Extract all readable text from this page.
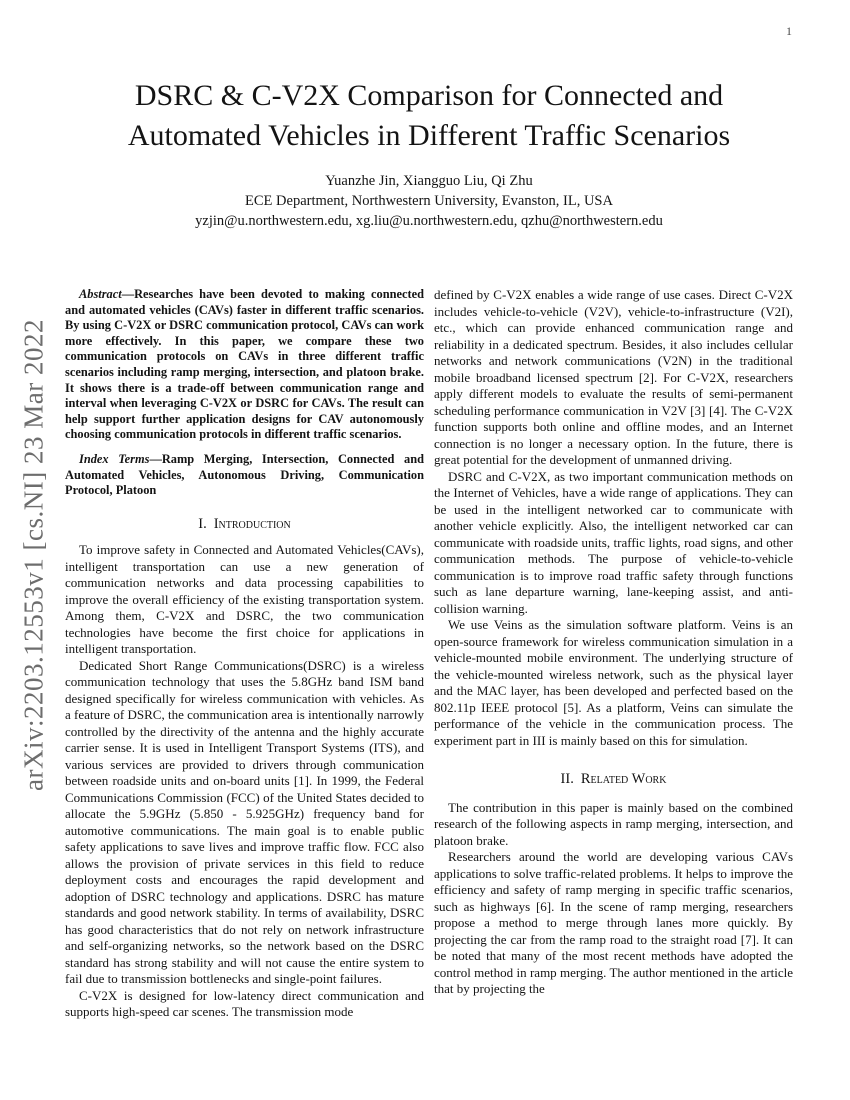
1
arXiv:2203.12553v1 [cs.NI] 23 Mar 2022
DSRC & C-V2X Comparison for Connected and Automated Vehicles in Different Traffic Scenarios
Yuanzhe Jin, Xiangguo Liu, Qi Zhu
ECE Department, Northwestern University, Evanston, IL, USA
yzjin@u.northwestern.edu, xg.liu@u.northwestern.edu, qzhu@northwestern.edu

Abstract—Researches have been devoted to making connected and automated vehicles (CAVs) faster in different traffic scenarios. By using C-V2X or DSRC communication protocol, CAVs can work more effectively. In this paper, we compare these two communication protocols on CAVs in three different traffic scenarios including ramp merging, intersection, and platoon brake. It shows there is a trade-off between communication range and interval when leveraging C-V2X or DSRC for CAVs. The result can help support further application designs for CAV autonomously choosing communication protocols in different traffic scenarios.

Index Terms—Ramp Merging, Intersection, Connected and Automated Vehicles, Autonomous Driving, Communication Protocol, Platoon

I. Introduction

To improve safety in Connected and Automated Vehicles(CAVs), intelligent transportation can use a new generation of communication networks and data processing capabilities to improve the overall efficiency of the existing transportation system. Among them, C-V2X and DSRC, the two communication technologies have become the first choice for applications in intelligent transportation.

Dedicated Short Range Communications(DSRC) is a wireless communication technology that uses the 5.8GHz band ISM band designed specifically for wireless communication with vehicles. As a feature of DSRC, the communication area is intentionally narrowly controlled by the directivity of the antenna and the highly accurate carrier sense. It is used in Intelligent Transport Systems (ITS), and various services are provided to drivers through communication between roadside units and on-board units [1]. In 1999, the Federal Communications Commission (FCC) of the United States decided to allocate the 5.9GHz (5.850 - 5.925GHz) frequency band for automotive communications. The main goal is to enable public safety applications to save lives and improve traffic flow. FCC also allows the provision of private services in this field to reduce deployment costs and encourages the rapid development and adoption of DSRC technology and applications. DSRC has mature standards and good network stability. In terms of availability, DSRC has good characteristics that do not rely on network infrastructure and self-organizing networks, so the network based on the DSRC standard has strong stability and will not cause the entire system to fail due to transmission bottlenecks and single-point failures.

C-V2X is designed for low-latency direct communication and supports high-speed car scenes. The transmission mode

defined by C-V2X enables a wide range of use cases. Direct C-V2X includes vehicle-to-vehicle (V2V), vehicle-to-infrastructure (V2I), etc., which can provide enhanced communication range and reliability in a dedicated spectrum. Besides, it also includes cellular networks and network communications (V2N) in the traditional mobile broadband licensed spectrum [2]. For C-V2X, researchers apply different models to evaluate the results of semi-permanent scheduling performance communication in V2V [3] [4]. The C-V2X function supports both online and offline modes, and an Internet connection is no longer a necessary option. In the future, there is great potential for the development of unmanned driving.

DSRC and C-V2X, as two important communication methods on the Internet of Vehicles, have a wide range of applications. They can be used in the intelligent networked car to communicate with another vehicle explicitly. Also, the intelligent networked car can communicate with roadside units, traffic lights, road signs, and other communication methods. The purpose of vehicle-to-vehicle communication is to improve road traffic safety through functions such as lane departure warning, lane-keeping assist, and anti-collision warning.

We use Veins as the simulation software platform. Veins is an open-source framework for wireless communication simulation in a vehicle-mounted mobile environment. The underlying structure of the vehicle-mounted wireless network, such as the physical layer and the MAC layer, has been developed and perfected based on the 802.11p IEEE protocol [5]. As a platform, Veins can simulate the performance of the vehicle in the communication process. The experiment part in III is mainly based on this for simulation.

II. Related Work

The contribution in this paper is mainly based on the combined research of the following aspects in ramp merging, intersection, and platoon brake.

Researchers around the world are developing various CAVs applications to solve traffic-related problems. It helps to improve the efficiency and safety of ramp merging in specific traffic scenarios, such as highways [6]. In the scene of ramp merging, researchers propose a method to merge through lanes more quickly. By projecting the car from the ramp road to the straight road [7]. It can be noted that many of the most recent methods have adopted the control method in ramp merging. The author mentioned in the article that by projecting the
